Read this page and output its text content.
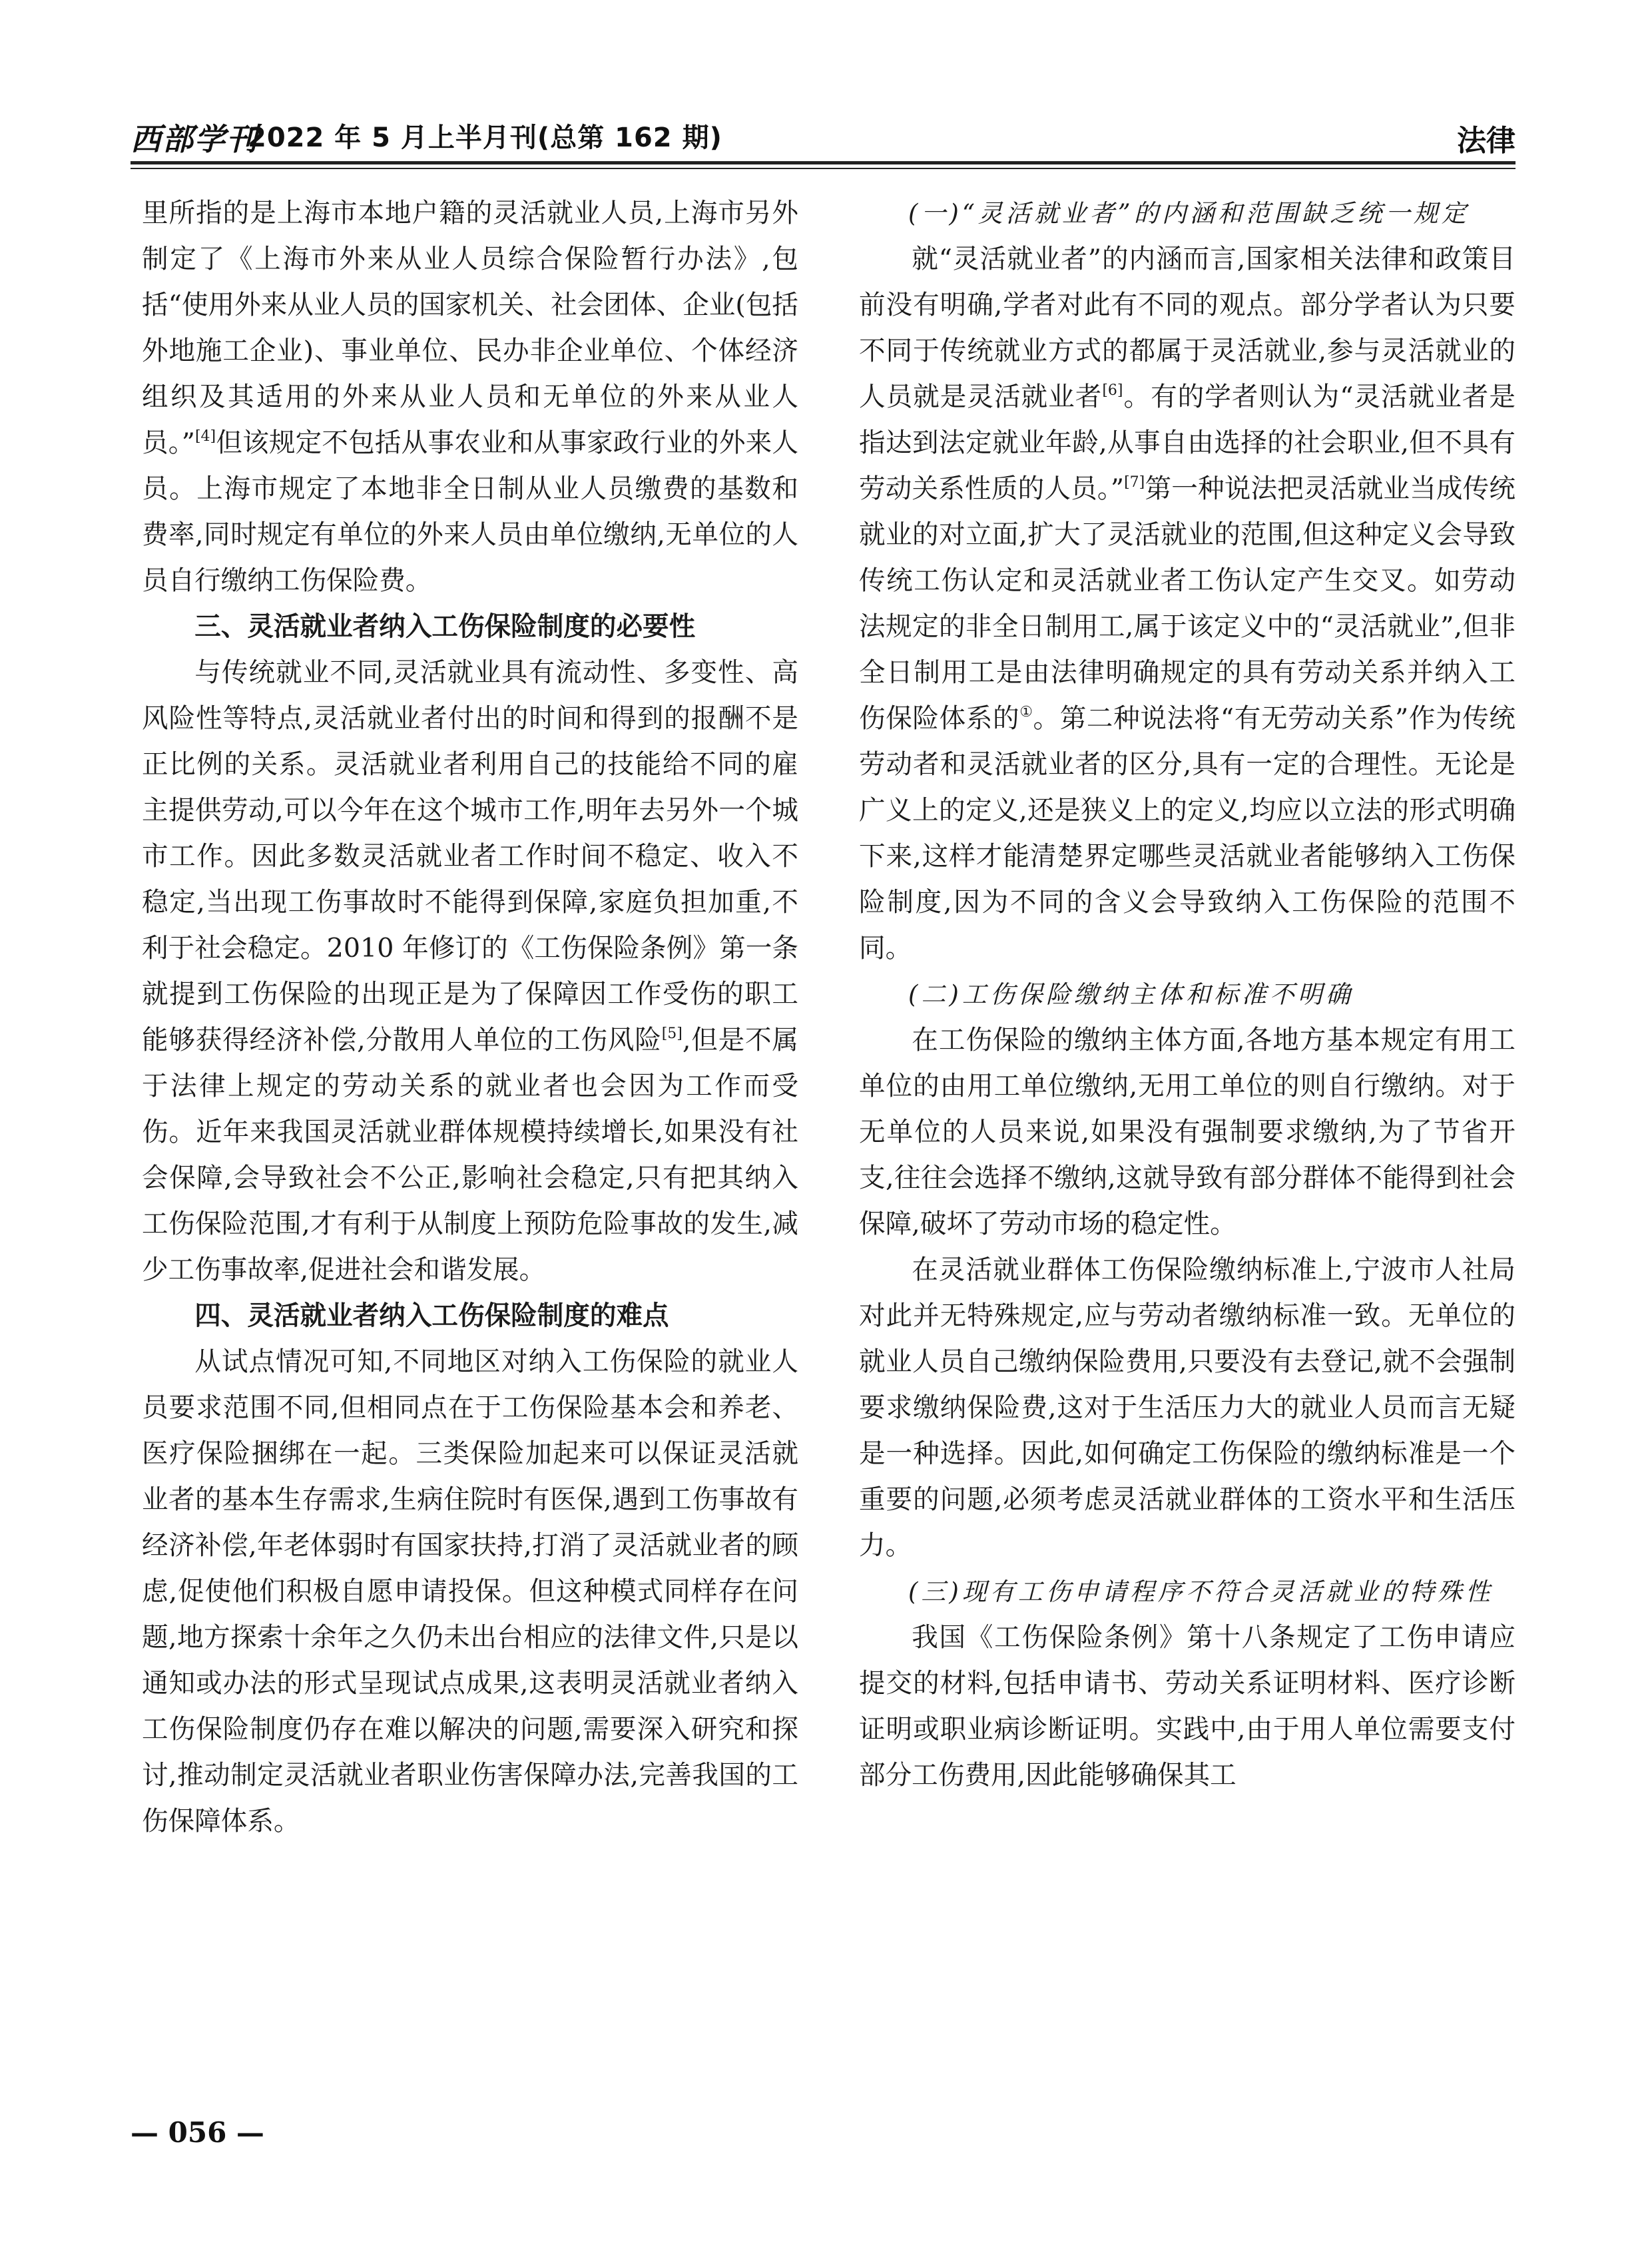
西部学刊
2022 年 5 月上半月刊(总第 162 期)	法律

里所指的是上海市本地户籍的灵活就业人员,上海市另外制定了《上海市外来从业人员综合保险暂行办法》,包括“使用外来从业人员的国家机关、社会团体、企业(包括外地施工企业)、事业单位、民办非企业单位、个体经济组织及其适用的外来从业人员和无单位的外来从业人员。”[4]但该规定不包括从事农业和从事家政行业的外来人员。上海市规定了本地非全日制从业人员缴费的基数和费率,同时规定有单位的外来人员由单位缴纳,无单位的人员自行缴纳工伤保险费。

三、灵活就业者纳入工伤保险制度的必要性

与传统就业不同,灵活就业具有流动性、多变性、高风险性等特点,灵活就业者付出的时间和得到的报酬不是正比例的关系。灵活就业者利用自己的技能给不同的雇主提供劳动,可以今年在这个城市工作,明年去另外一个城市工作。因此多数灵活就业者工作时间不稳定、收入不稳定,当出现工伤事故时不能得到保障,家庭负担加重,不利于社会稳定。2010 年修订的《工伤保险条例》第一条就提到工伤保险的出现正是为了保障因工作受伤的职工能够获得经济补偿,分散用人单位的工伤风险[5],但是不属于法律上规定的劳动关系的就业者也会因为工作而受伤。近年来我国灵活就业群体规模持续增长,如果没有社会保障,会导致社会不公正,影响社会稳定,只有把其纳入工伤保险范围,才有利于从制度上预防危险事故的发生,减少工伤事故率,促进社会和谐发展。

四、灵活就业者纳入工伤保险制度的难点

从试点情况可知,不同地区对纳入工伤保险的就业人员要求范围不同,但相同点在于工伤保险基本会和养老、医疗保险捆绑在一起。三类保险加起来可以保证灵活就业者的基本生存需求,生病住院时有医保,遇到工伤事故有经济补偿,年老体弱时有国家扶持,打消了灵活就业者的顾虑,促使他们积极自愿申请投保。但这种模式同样存在问题,地方探索十余年之久仍未出台相应的法律文件,只是以通知或办法的形式呈现试点成果,这表明灵活就业者纳入工伤保险制度仍存在难以解决的问题,需要深入研究和探讨,推动制定灵活就业者职业伤害保障办法,完善我国的工伤保障体系。

(一)“灵活就业者”的内涵和范围缺乏统一规定

就“灵活就业者”的内涵而言,国家相关法律和政策目前没有明确,学者对此有不同的观点。部分学者认为只要不同于传统就业方式的都属于灵活就业,参与灵活就业的人员就是灵活就业者[6]。有的学者则认为“灵活就业者是指达到法定就业年龄,从事自由选择的社会职业,但不具有劳动关系性质的人员。”[7]第一种说法把灵活就业当成传统就业的对立面,扩大了灵活就业的范围,但这种定义会导致传统工伤认定和灵活就业者工伤认定产生交叉。如劳动法规定的非全日制用工,属于该定义中的“灵活就业”,但非全日制用工是由法律明确规定的具有劳动关系并纳入工伤保险体系的①。第二种说法将“有无劳动关系”作为传统劳动者和灵活就业者的区分,具有一定的合理性。无论是广义上的定义,还是狭义上的定义,均应以立法的形式明确下来,这样才能清楚界定哪些灵活就业者能够纳入工伤保险制度,因为不同的含义会导致纳入工伤保险的范围不同。

(二)工伤保险缴纳主体和标准不明确

在工伤保险的缴纳主体方面,各地方基本规定有用工单位的由用工单位缴纳,无用工单位的则自行缴纳。对于无单位的人员来说,如果没有强制要求缴纳,为了节省开支,往往会选择不缴纳,这就导致有部分群体不能得到社会保障,破坏了劳动市场的稳定性。

在灵活就业群体工伤保险缴纳标准上,宁波市人社局对此并无特殊规定,应与劳动者缴纳标准一致。无单位的就业人员自己缴纳保险费用,只要没有去登记,就不会强制要求缴纳保险费,这对于生活压力大的就业人员而言无疑是一种选择。因此,如何确定工伤保险的缴纳标准是一个重要的问题,必须考虑灵活就业群体的工资水平和生活压力。

(三)现有工伤申请程序不符合灵活就业的特殊性

我国《工伤保险条例》第十八条规定了工伤申请应提交的材料,包括申请书、劳动关系证明材料、医疗诊断证明或职业病诊断证明。实践中,由于用人单位需要支付部分工伤费用,因此能够确保其工

— 056 —
